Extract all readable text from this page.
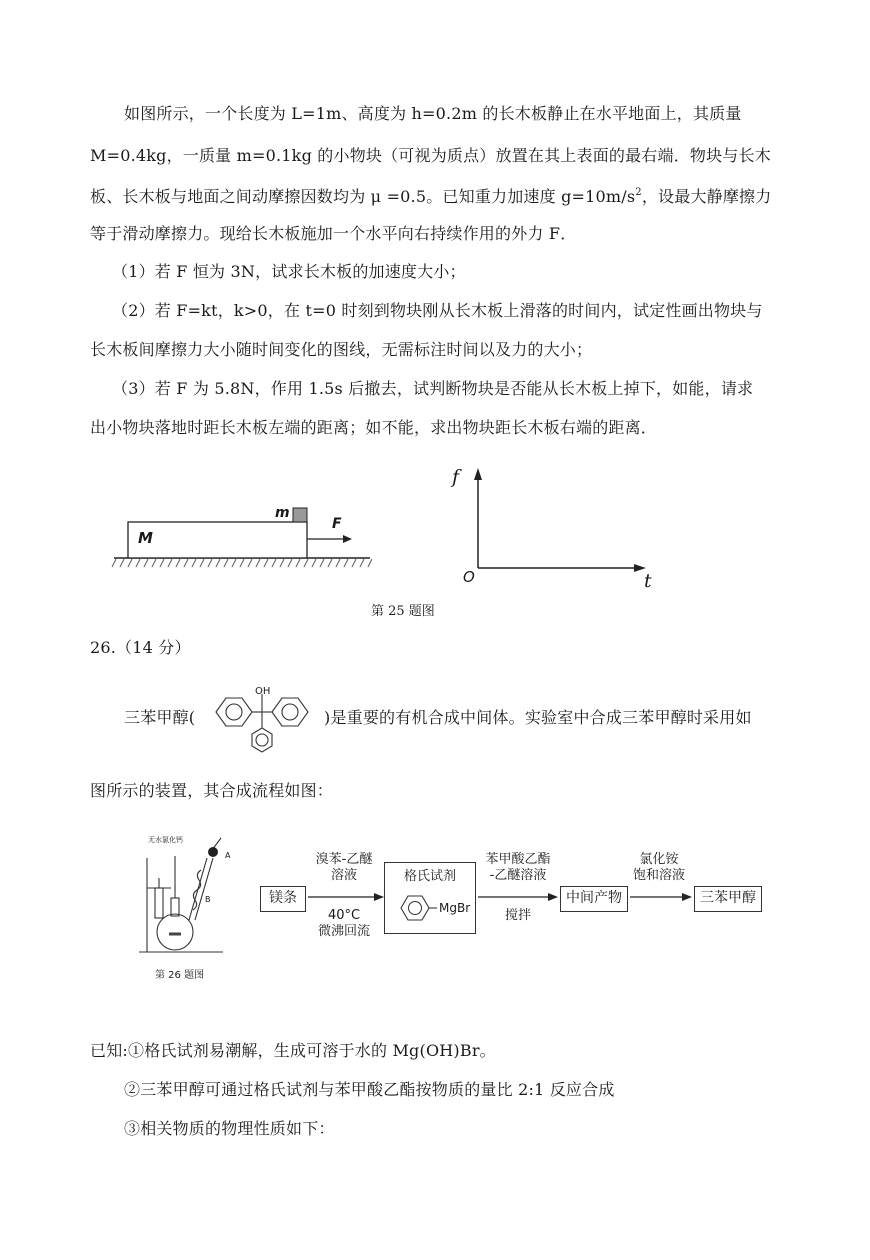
如图所示，一个长度为 L=1m、高度为 h=0.2m 的长木板静止在水平地面上，其质量
M=0.4kg，一质量 m=0.1kg 的小物块（可视为质点）放置在其上表面的最右端．物块与长木
板、长木板与地面之间动摩擦因数均为 μ =0.5。已知重力加速度 $g=10m/s^2$，设最大静摩擦力
等于滑动摩擦力。现给长木板施加一个水平向右持续作用的外力 F．
（1）若 F 恒为 3N，试求长木板的加速度大小；
（2）若 F=kt，k>0，在 t=0 时刻到物块刚从长木板上滑落的时间内，试定性画出物块与
长木板间摩擦力大小随时间变化的图线，无需标注时间以及力的大小；
（3）若 F 为 5.8N，作用 1.5s 后撤去，试判断物块是否能从长木板上掉下，如能，请求
出小物块落地时距长木板左端的距离；如不能，求出物块距长木板右端的距离．
M
m
F
f
t
O
第 25 题图
26.（14 分）
三苯甲醇(
OH
)是重要的有机合成中间体。实验室中合成三苯甲醇时采用如
图所示的装置，其合成流程如图：
无水氯化钙
A
B
第 26 题图
镁条
溴苯-乙醚
溶液
40°C
微沸回流
格氏试剂
MgBr
苯甲酸乙酯
-乙醚溶液
搅拌
中间产物
氯化铵
饱和溶液
三苯甲醇
已知:①格氏试剂易潮解，生成可溶于水的 Mg(OH)Br。
②三苯甲醇可通过格氏试剂与苯甲酸乙酯按物质的量比 2:1 反应合成
③相关物质的物理性质如下：
